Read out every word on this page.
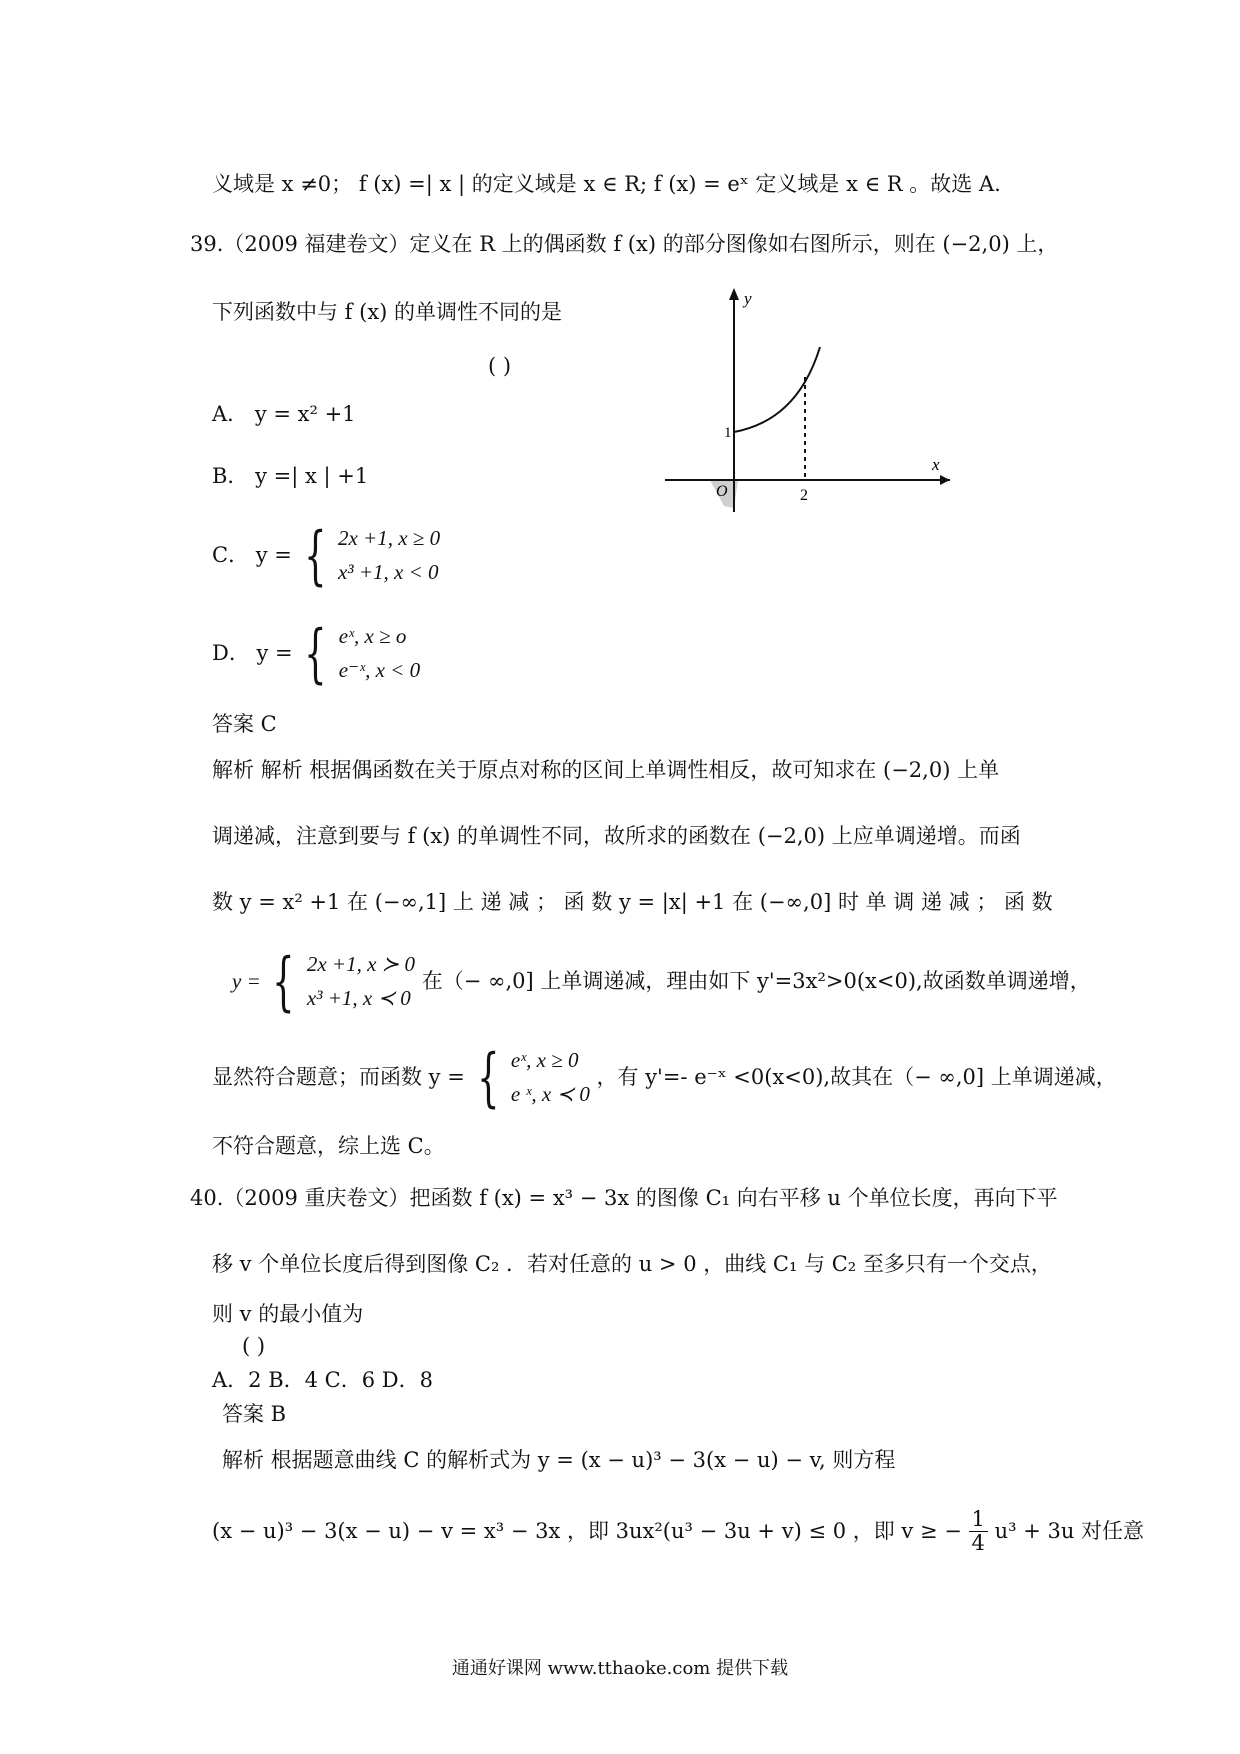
义域是 x ≠0； f (x) =| x | 的定义域是 x ∈ R; f (x) = eˣ 定义域是 x ∈ R 。故选 A.
39.（2009 福建卷文）定义在 R 上的偶函数 f (x) 的部分图像如右图所示，则在 (−2,0) 上，
下列函数中与 f (x) 的单调性不同的是
( )
A． y = x² +1
B． y =| x | +1
C． y = { 2x +1, x ≥ 0
x³ +1, x < 0
D． y = { eˣ, x ≥ o
e⁻ˣ, x < 0
答案 C
解析 解析 根据偶函数在关于原点对称的区间上单调性相反，故可知求在 (−2,0) 上单
调递减，注意到要与 f (x) 的单调性不同，故所求的函数在 (−2,0) 上应单调递增。而函
数 y = x² +1 在 (−∞,1] 上 递 减 ； 函 数 y = |x| +1 在 (−∞,0] 时 单 调 递 减 ； 函 数
y = { 2x +1, x ≻ 0
x³ +1, x ≺ 0
在（− ∞,0] 上单调递减，理由如下 y'=3x²>0(x<0),故函数单调递增，
显然符合题意；而函数 y = { eˣ, x ≥ 0
e ˣ, x ≺ 0
，有 y'=- e⁻ˣ <0(x<0),故其在（− ∞,0] 上单调递减，
不符合题意，综上选 C。
40.（2009 重庆卷文）把函数 f (x) = x³ − 3x 的图像 C₁ 向右平移 u 个单位长度，再向下平
移 v 个单位长度后得到图像 C₂ ．若对任意的 u > 0 ，曲线 C₁ 与 C₂ 至多只有一个交点，
则 v 的最小值为
( )
A．2 B．4 C．6 D．8
答案 B
解析 根据题意曲线 C 的解析式为 y = (x − u)³ − 3(x − u) − v, 则方程
(x − u)³ − 3(x − u) − v = x³ − 3x ，即 3ux²(u³ − 3u + v) ≤ 0 ，即 v ≥ − $\frac{1}{4} u^3 + 3u$ 对任意
y
x
O
1
2
通通好课网 www.tthaoke.com 提供下载
